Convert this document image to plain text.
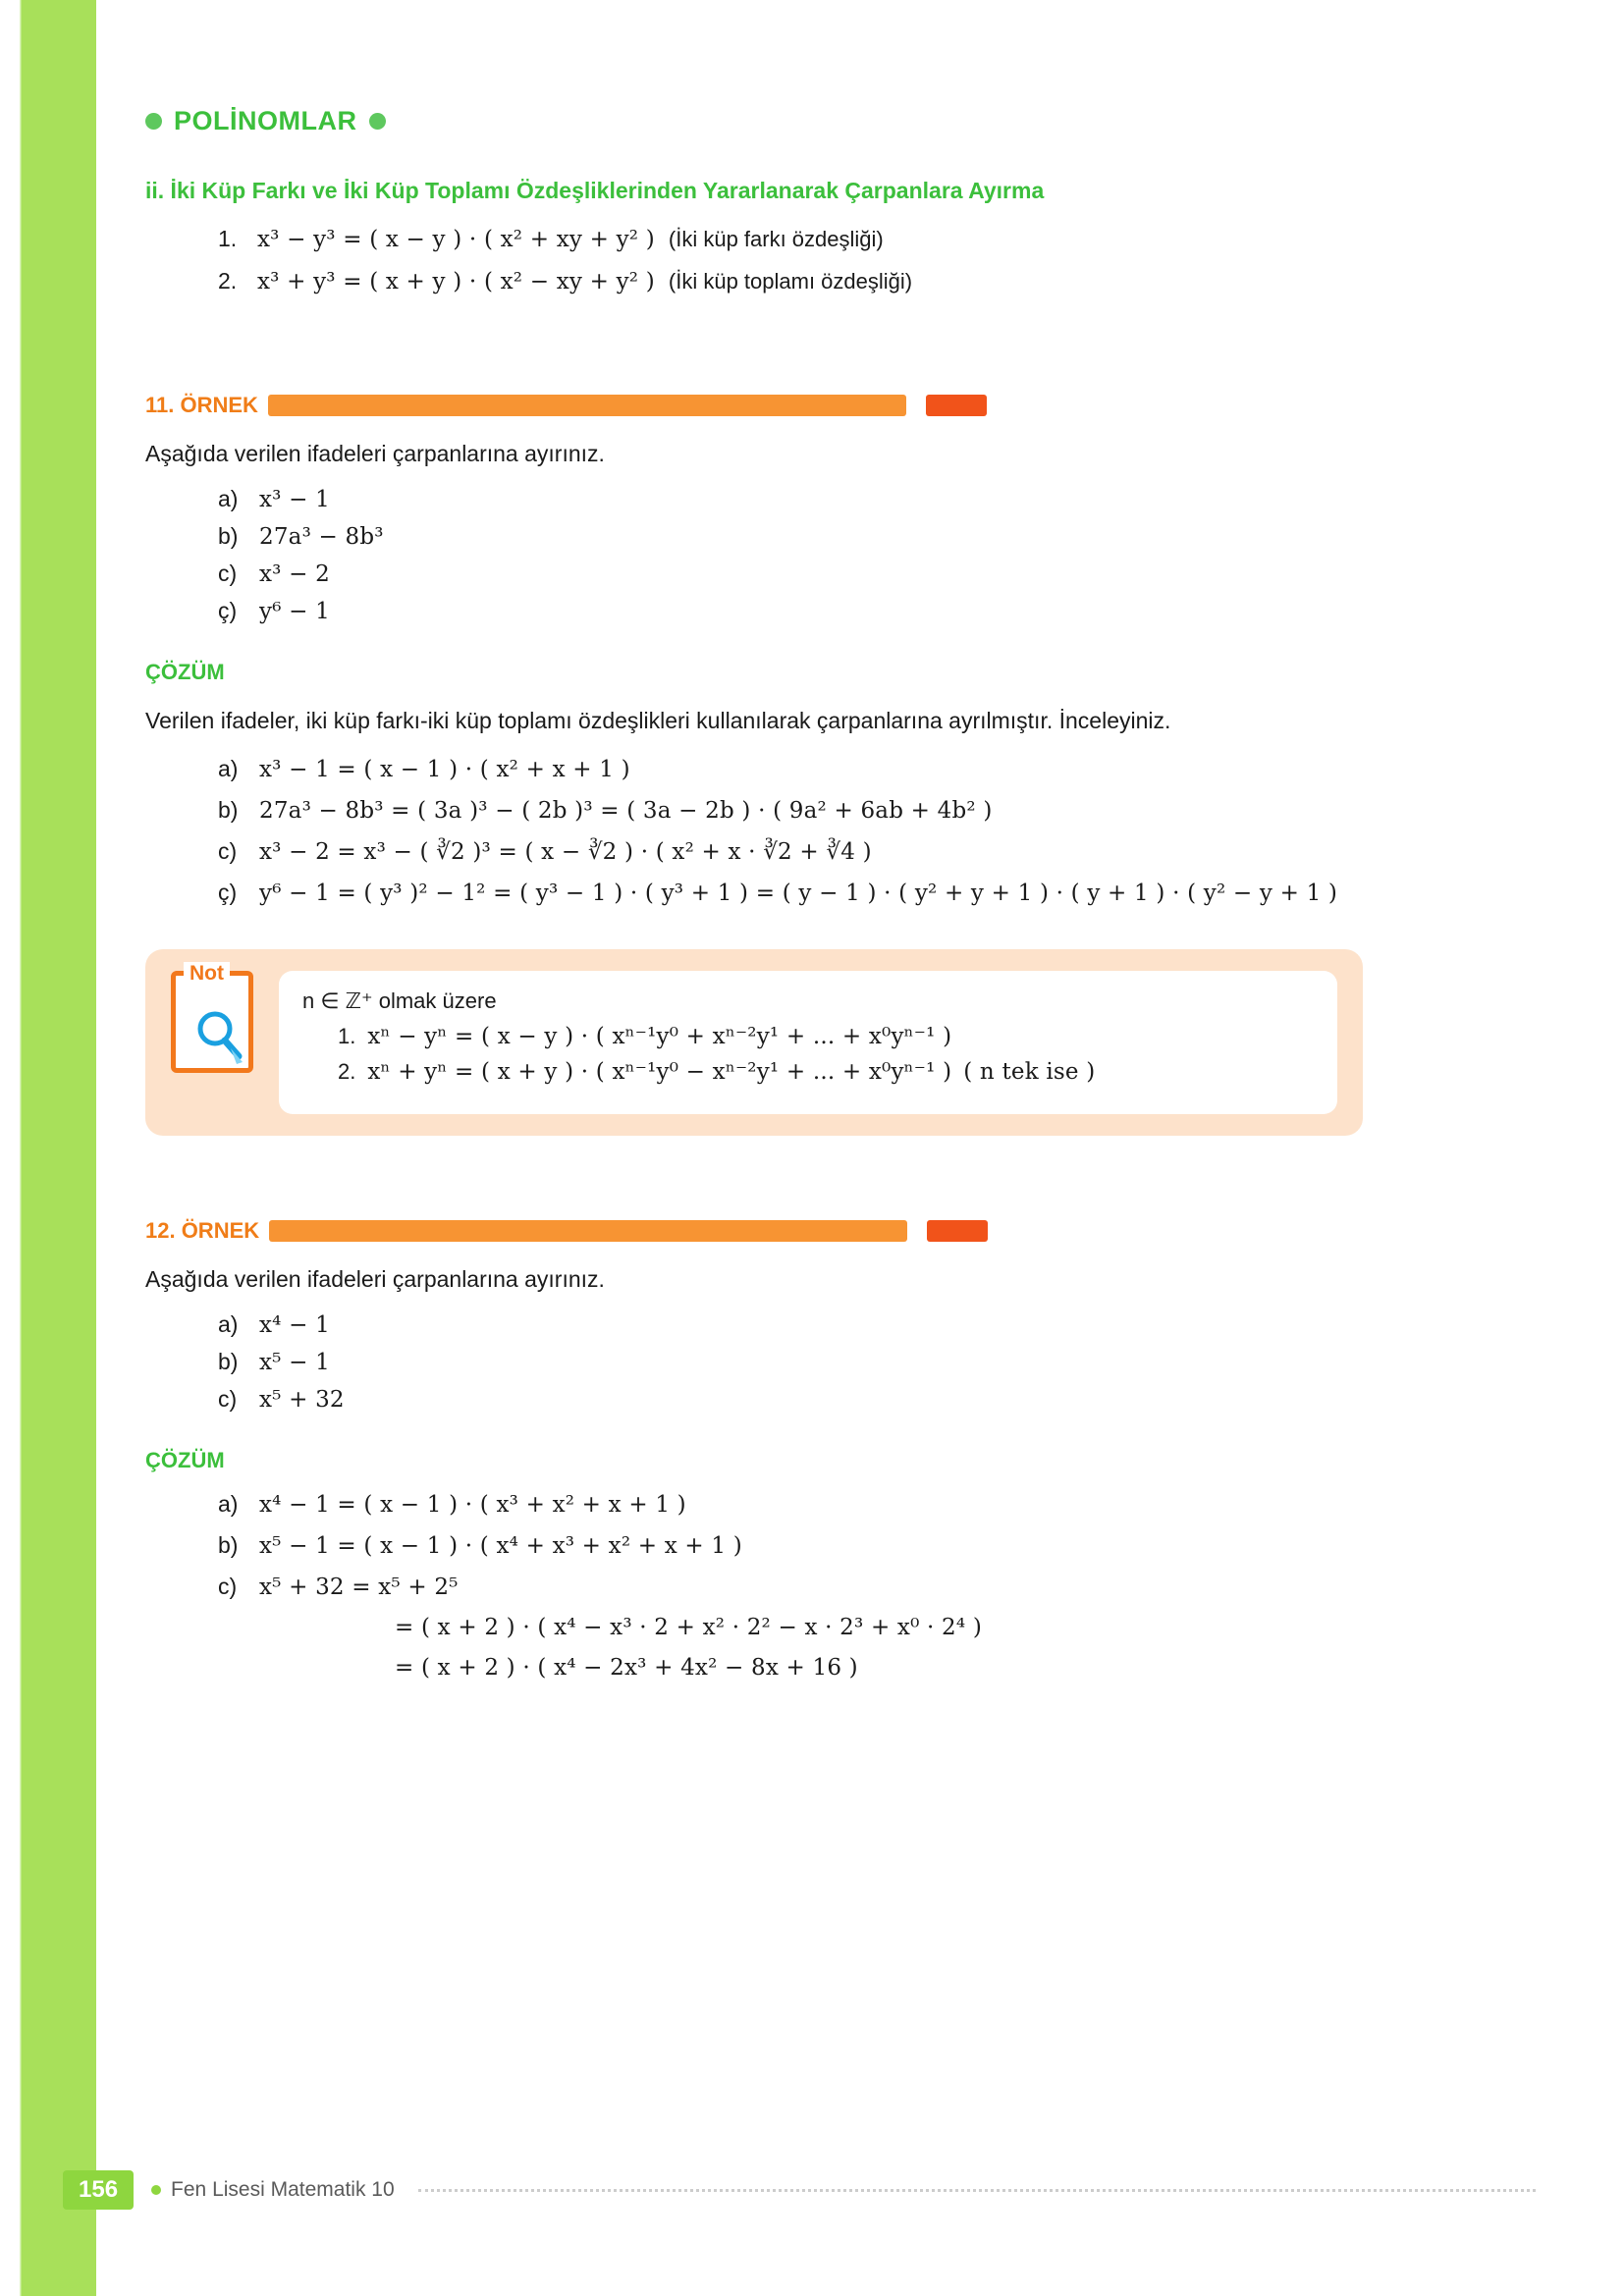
POLİNOMLAR
ii. İki Küp Farkı ve İki Küp Toplamı Özdeşliklerinden Yararlanarak Çarpanlara Ayırma
1. x³ − y³ = ( x − y ) · ( x² + xy + y² ) (İki küp farkı özdeşliği)
2. x³ + y³ = ( x + y ) · ( x² − xy + y² ) (İki küp toplamı özdeşliği)
11. ÖRNEK
Aşağıda verilen ifadeleri çarpanlarına ayırınız.
a) x³ − 1
b) 27a³ − 8b³
c) x³ − 2
ç) y⁶ − 1
ÇÖZÜM
Verilen ifadeler, iki küp farkı-iki küp toplamı özdeşlikleri kullanılarak çarpanlarına ayrılmıştır. İnceleyiniz.
a) x³ − 1 = ( x − 1 ) · ( x² + x + 1 )
b) 27a³ − 8b³ = ( 3a )³ − ( 2b )³ = ( 3a − 2b ) · ( 9a² + 6ab + 4b² )
c) x³ − 2 = x³ − ( ∛2 )³ = ( x − ∛2 ) · ( x² + x · ∛2 + ∛4 )
ç) y⁶ − 1 = ( y³ )² − 1² = ( y³ − 1 ) · ( y³ + 1 ) = ( y − 1 ) · ( y² + y + 1 ) · ( y + 1 ) · ( y² − y + 1 )
Not
n ∈ ℤ⁺ olmak üzere
1. xⁿ − yⁿ = ( x − y ) · ( xⁿ⁻¹y⁰ + xⁿ⁻²y¹ + ... + x⁰yⁿ⁻¹ )
2. xⁿ + yⁿ = ( x + y ) · ( xⁿ⁻¹y⁰ − xⁿ⁻²y¹ + ... + x⁰yⁿ⁻¹ ) ( n tek ise )
12. ÖRNEK
Aşağıda verilen ifadeleri çarpanlarına ayırınız.
a) x⁴ − 1
b) x⁵ − 1
c) x⁵ + 32
ÇÖZÜM
a) x⁴ − 1 = ( x − 1 ) · ( x³ + x² + x + 1 )
b) x⁵ − 1 = ( x − 1 ) · ( x⁴ + x³ + x² + x + 1 )
c) x⁵ + 32 = x⁵ + 2⁵
= ( x + 2 ) · ( x⁴ − x³ · 2 + x² · 2² − x · 2³ + x⁰ · 2⁴ )
= ( x + 2 ) · ( x⁴ − 2x³ + 4x² − 8x + 16 )
156	Fen Lisesi Matematik 10
